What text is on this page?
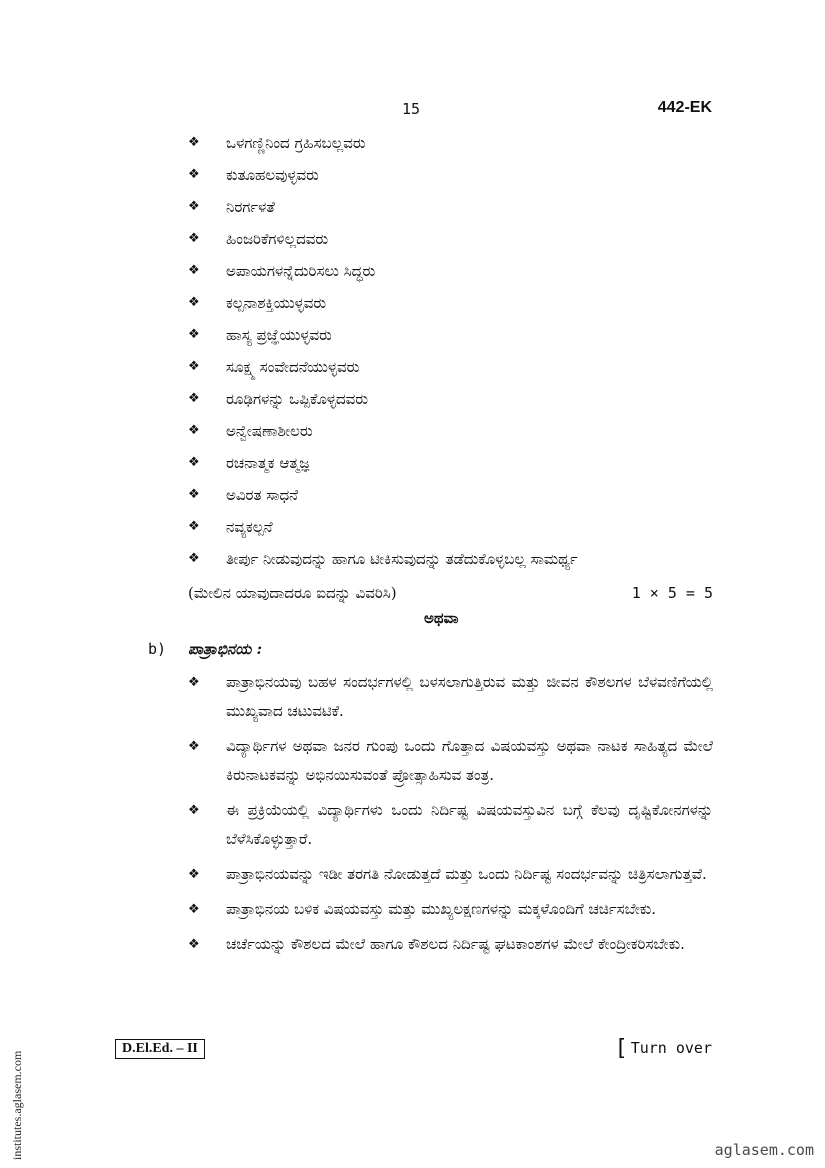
15	442-EK
❖	ಒಳಗಣ್ಣಿನಿಂದ ಗ್ರಹಿಸಬಲ್ಲವರು
❖	ಕುತೂಹಲವುಳ್ಳವರು
❖	ನಿರರ್ಗಳತೆ
❖	ಹಿಂಜರಿಕೆಗಳಿಲ್ಲದವರು
❖	ಅಪಾಯಗಳನ್ನೆದುರಿಸಲು ಸಿದ್ಧರು
❖	ಕಲ್ಪನಾಶಕ್ತಿಯುಳ್ಳವರು
❖	ಹಾಸ್ಯ ಪ್ರಜ್ಞೆಯುಳ್ಳವರು
❖	ಸೂಕ್ಷ್ಮ ಸಂವೇದನೆಯುಳ್ಳವರು
❖	ರೂಢಿಗಳನ್ನು ಒಪ್ಪಿಕೊಳ್ಳದವರು
❖	ಅನ್ವೇಷಣಾಶೀಲರು
❖	ರಚನಾತ್ಮಕ ಆತ್ಮಜ್ಞ
❖	ಅವಿರತ ಸಾಧನೆ
❖	ನವ್ಯಕಲ್ಪನೆ
❖	ತೀರ್ಪು ನೀಡುವುದನ್ನು ಹಾಗೂ ಟೀಕಿಸುವುದನ್ನು ತಡೆದುಕೊಳ್ಳಬಲ್ಲ ಸಾಮರ್ಥ್ಯ
(ಮೇಲಿನ ಯಾವುದಾದರೂ ಐದನ್ನು ವಿವರಿಸಿ)	1 × 5 = 5
ಅಥವಾ
b) ಪಾತ್ರಾಭಿನಯ :
❖	ಪಾತ್ರಾಭಿನಯವು ಬಹಳ ಸಂದರ್ಭಗಳಲ್ಲಿ ಬಳಸಲಾಗುತ್ತಿರುವ ಮತ್ತು ಜೀವನ ಕೌಶಲಗಳ ಬೆಳವಣಿಗೆಯಲ್ಲಿ ಮುಖ್ಯವಾದ ಚಟುವಟಿಕೆ.
❖	ವಿದ್ಯಾರ್ಥಿಗಳ ಅಥವಾ ಜನರ ಗುಂಪು ಒಂದು ಗೊತ್ತಾದ ವಿಷಯವಸ್ತು ಅಥವಾ ನಾಟಕ ಸಾಹಿತ್ಯದ ಮೇಲೆ ಕಿರುನಾಟಕವನ್ನು ಅಭಿನಯಿಸುವಂತೆ ಪ್ರೋತ್ಸಾಹಿಸುವ ತಂತ್ರ.
❖	ಈ ಪ್ರಕ್ರಿಯೆಯಲ್ಲಿ ವಿದ್ಯಾರ್ಥಿಗಳು ಒಂದು ನಿರ್ದಿಷ್ಟ ವಿಷಯವಸ್ತುವಿನ ಬಗ್ಗೆ ಕೆಲವು ದೃಷ್ಟಿಕೋನಗಳನ್ನು ಬೆಳೆಸಿಕೊಳ್ಳುತ್ತಾರೆ.
❖	ಪಾತ್ರಾಭಿನಯವನ್ನು ಇಡೀ ತರಗತಿ ನೋಡುತ್ತದೆ ಮತ್ತು ಒಂದು ನಿರ್ದಿಷ್ಟ ಸಂದರ್ಭವನ್ನು ಚಿತ್ರಿಸಲಾಗುತ್ತವೆ.
❖	ಪಾತ್ರಾಭಿನಯ ಬಳಿಕ ವಿಷಯವಸ್ತು ಮತ್ತು ಮುಖ್ಯಲಕ್ಷಣಗಳನ್ನು ಮಕ್ಕಳೊಂದಿಗೆ ಚರ್ಚಿಸಬೇಕು.
❖	ಚರ್ಚೆಯನ್ನು ಕೌಶಲದ ಮೇಲೆ ಹಾಗೂ ಕೌಶಲದ ನಿರ್ದಿಷ್ಟ ಘಟಕಾಂಶಗಳ ಮೇಲೆ ಕೇಂದ್ರೀಕರಿಸಬೇಕು.
D.El.Ed. – II	[ Turn over
institutes.aglasem.com	aglasem.com
